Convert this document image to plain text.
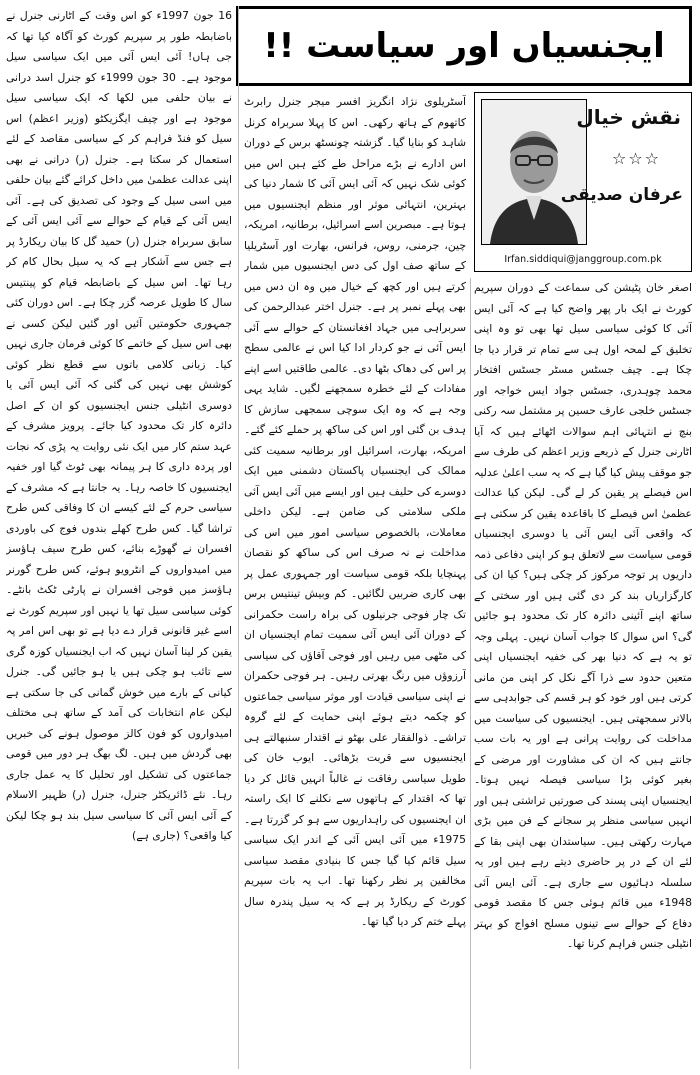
ایجنسیاں اور سیاست !!
نقش خیال
☆☆☆
عرفان صدیقی
Irfan.siddiqui@janggroup.com.pk

اصغر خان پٹیشن کی سماعت کے دوران سپریم کورٹ نے ایک بار پھر واضح کیا ہے کہ آئی ایس آئی کا کوئی سیاسی سیل تھا بھی تو وہ اپنی تخلیق کے لمحہ اول ہی سے تمام تر قرار دیا جا چکا ہے۔ چیف جسٹس مسٹر جسٹس افتخار محمد چوہدری، جسٹس جواد ایس خواجہ اور جسٹس خلجی عارف حسین پر مشتمل سہ رکنی بنچ نے انتہائی اہم سوالات اٹھائے ہیں کہ آیا اٹارنی جنرل کے ذریعے وزیر اعظم کی طرف سے جو موقف پیش کیا گیا ہے کہ یہ سب اعلیٰ عدلیہ اس فیصلے پر یقین کر لے گی۔ لیکن کیا عدالت عظمیٰ اس فیصلے کا باقاعدہ یقین کر سکتی ہے کہ واقعی آئی ایس آئی یا دوسری ایجنسیاں قومی سیاست سے لاتعلق ہو کر اپنی دفاعی ذمہ داریوں پر توجہ مرکوز کر چکی ہیں؟ کیا ان کی کارگزاریاں بند کر دی گئی ہیں اور سختی کے ساتھ اپنے آئینی دائرہ کار تک محدود ہو جائیں گی؟ اس سوال کا جواب آسان نہیں۔ پہلی وجہ تو یہ ہے کہ دنیا بھر کی خفیہ ایجنسیاں اپنی متعین حدود سے ذرا آگے نکل کر اپنی من مانی کرتی ہیں اور خود کو ہر قسم کی جوابدہی سے بالاتر سمجھتی ہیں۔ ایجنسیوں کی سیاست میں مداخلت کی روایت پرانی ہے اور یہ بات سب جانتے ہیں کہ ان کی مشاورت اور مرضی کے بغیر کوئی بڑا سیاسی فیصلہ نہیں ہوتا۔ ایجنسیاں اپنی پسند کی صورتیں تراشتی ہیں اور انہیں سیاسی منظر پر سجانے کے فن میں بڑی مہارت رکھتی ہیں۔ سیاستدان بھی اپنی بقا کے لئے ان کے در پر حاضری دیتے رہے ہیں اور یہ سلسلہ دہائیوں سے جاری ہے۔ آئی ایس آئی 1948ء میں قائم ہوئی جس کا مقصد قومی دفاع کے حوالے سے تینوں مسلح افواج کو بہتر انٹیلی جنس فراہم کرنا تھا۔

آسٹریلوی نژاد انگریز افسر میجر جنرل رابرٹ کاتھوم کے ہاتھ رکھی۔ اس کا پہلا سربراہ کرنل شاہد کو بنایا گیا۔ گزشتہ چونسٹھ برس کے دوران اس ادارے نے بڑے مراحل طے کئے ہیں اس میں کوئی شک نہیں کہ آئی ایس آئی کا شمار دنیا کی بہترین، انتہائی موثر اور منظم ایجنسیوں میں ہوتا ہے۔ مبصرین اسے اسرائیل، برطانیہ، امریکہ، چین، جرمنی، روس، فرانس، بھارت اور آسٹریلیا کے ساتھ صف اول کی دس ایجنسیوں میں شمار کرتے ہیں اور کچھ کے خیال میں وہ ان دس میں بھی پہلے نمبر پر ہے۔ جنرل اختر عبدالرحمن کی سربراہی میں جہاد افغانستان کے حوالے سے آئی ایس آئی نے جو کردار ادا کیا اس نے عالمی سطح پر اس کی دھاک بٹھا دی۔ عالمی طاقتیں اسے اپنے مفادات کے لئے خطرہ سمجھنے لگیں۔ شاید یہی وجہ ہے کہ وہ ایک سوچی سمجھی سازش کا ہدف بن گئی اور اس کی ساکھ پر حملے کئے گئے۔ امریکہ، بھارت، اسرائیل اور برطانیہ سمیت کئی ممالک کی ایجنسیاں پاکستان دشمنی میں ایک دوسرے کی حلیف ہیں اور ایسے میں آئی ایس آئی ملکی سلامتی کی ضامن ہے۔ لیکن داخلی معاملات، بالخصوص سیاسی امور میں اس کی مداخلت نے نہ صرف اس کی ساکھ کو نقصان پہنچایا بلکہ قومی سیاست اور جمہوری عمل پر بھی کاری ضربیں لگائیں۔ کم وبیش تینتیس برس تک چار فوجی جرنیلوں کی براہ راست حکمرانی کے دوران آئی ایس آئی سمیت تمام ایجنسیاں ان کی مٹھی میں رہیں اور فوجی آقاؤں کی سیاسی آرزوؤں میں رنگ بھرتی رہیں۔ ہر فوجی حکمران نے اپنی سیاسی قیادت اور موثر سیاسی جماعتوں کو چکمہ دیتے ہوئے اپنی حمایت کے لئے گروہ تراشے۔ ذوالفقار علی بھٹو نے اقتدار سنبھالتے ہی ایجنسیوں سے قربت بڑھائی۔ ایوب خان کی طویل سیاسی رفاقت نے غالباً انہیں قائل کر دیا تھا کہ اقتدار کے ہاتھوں سے نکلنے کا ایک راستہ ان ایجنسیوں کی راہداریوں سے ہو کر گزرتا ہے۔ 1975ء میں آئی ایس آئی کے اندر ایک سیاسی سیل قائم کیا گیا جس کا بنیادی مقصد سیاسی مخالفین پر نظر رکھنا تھا۔ اب یہ بات سپریم کورٹ کے ریکارڈ پر ہے کہ یہ سیل پندرہ سال پہلے ختم کر دیا گیا تھا۔

16 جون 1997ء کو اس وقت کے اٹارنی جنرل نے باضابطہ طور پر سپریم کورٹ کو آگاہ کیا تھا کہ جی ہاں! آئی ایس آئی میں ایک سیاسی سیل موجود ہے۔ 30 جون 1999ء کو جنرل اسد درانی نے بیان حلفی میں لکھا کہ ایک سیاسی سیل موجود ہے اور چیف ایگزیکٹو (وزیر اعظم) اس سیل کو فنڈ فراہم کر کے سیاسی مقاصد کے لئے استعمال کر سکتا ہے۔ جنرل (ر) درانی نے بھی اپنی عدالت عظمیٰ میں داخل کرائے گئے بیان حلفی میں اسی سیل کے وجود کی تصدیق کی ہے۔ آئی ایس آئی کے قیام کے حوالے سے آئی ایس آئی کے سابق سربراہ جنرل (ر) حمید گل کا بیان ریکارڈ پر ہے جس سے آشکار ہے کہ یہ سیل بحال کام کر رہا تھا۔ اس سیل کے باضابطہ قیام کو پینتیس سال کا طویل عرصہ گزر چکا ہے۔ اس دوران کئی جمہوری حکومتیں آئیں اور گئیں لیکن کسی نے بھی اس سیل کے خاتمے کا کوئی فرمان جاری نہیں کیا۔ زبانی کلامی باتوں سے قطع نظر کوئی کوشش بھی نہیں کی گئی کہ آئی ایس آئی یا دوسری انٹیلی جنس ایجنسیوں کو ان کے اصل دائرہ کار تک محدود کیا جائے۔ پرویز مشرف کے عہد ستم کار میں ایک نئی روایت یہ پڑی کہ نجات اور پردہ داری کا ہر پیمانہ بھی ٹوٹ گیا اور خفیہ ایجنسیوں کا خاصہ رہا۔ یہ جانتا ہے کہ مشرف کے سیاسی حرم کے لئے کیسے ان کا وفاقی کس طرح تراشا گیا۔ کس طرح کھلے بندوں فوج کی باوردی افسران نے گھوڑے بنائے، کس طرح سیف ہاؤسز میں امیدواروں کے انٹرویو ہوئے، کس طرح گورنر ہاؤسز میں فوجی افسران نے پارٹی ٹکٹ بانٹے۔ کوئی سیاسی سیل تھا یا نہیں اور سپریم کورٹ نے اسے غیر قانونی قرار دے دیا ہے تو بھی اس امر پہ یقین کر لینا آسان نہیں کہ اب ایجنسیاں کوزہ گری سے تائب ہو چکی ہیں یا ہو جائیں گی۔ جنرل کیانی کے بارے میں خوش گمانی کی جا سکتی ہے لیکن عام انتخابات کی آمد کے ساتھ ہی مختلف امیدواروں کو فون کالز موصول ہونے کی خبریں بھی گردش میں ہیں۔ لگ بھگ ہر دور میں قومی جماعتوں کی تشکیل اور تحلیل کا یہ عمل جاری رہا۔ نئے ڈائریکٹر جنرل، جنرل (ر) ظہیر الاسلام کے آئی ایس آئی کا سیاسی سیل بند ہو چکا لیکن کیا واقعی؟ (جاری ہے)
